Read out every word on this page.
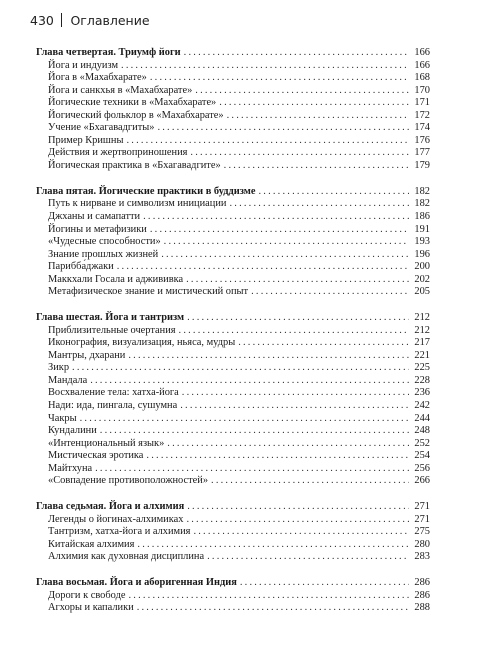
430 Оглавление
Глава четвертая. Триумф йоги .....	166
Йога и индуизм .....	166
Йога в «Махабхарате» .....	168
Йога и санкхья в «Махабхарате» .....	170
Йогические техники в «Махабхарате» .....	171
Йогический фольклор в «Махабхарате» .....	172
Учение «Бхагавадгиты» .....	174
Пример Кришны .....	176
Действия и жертвоприношения .....	177
Йогическая практика в «Бхагавадгите» .....	179
Глава пятая. Йогические практики в буддизме .....	182
Путь к нирване и символизм инициации .....	182
Джханы и самапатти .....	186
Йогины и метафизики .....	191
«Чудесные способности» .....	193
Знание прошлых жизней .....	196
Парибба́джаки .....	200
Маккхали Госала и аджививка .....	202
Метафизическое знание и мистический опыт .....	205
Глава шестая. Йога и тантризм .....	212
Приблизительные очертания .....	212
Иконография, визуализация, ньяса, мудры .....	217
Мантры, дхарани .....	221
Зикр .....	225
Мандала .....	228
Восхваление тела: хатха-йога .....	236
Нади: ида, пингала, сушумна .....	242
Чакры .....	244
Кундалини .....	248
«Интенциональный язык» .....	252
Мистическая эротика .....	254
Майтхуна .....	256
«Совпадение противоположностей» .....	266
Глава седьмая. Йога и алхимия .....	271
Легенды о йогинах-алхимиках .....	271
Тантризм, хатха-йога и алхимия .....	275
Китайская алхимия .....	280
Алхимия как духовная дисциплина .....	283
Глава восьмая. Йога и аборигенная Индия .....	286
Дороги к свободе .....	286
Агхоры и капалики .....	288
